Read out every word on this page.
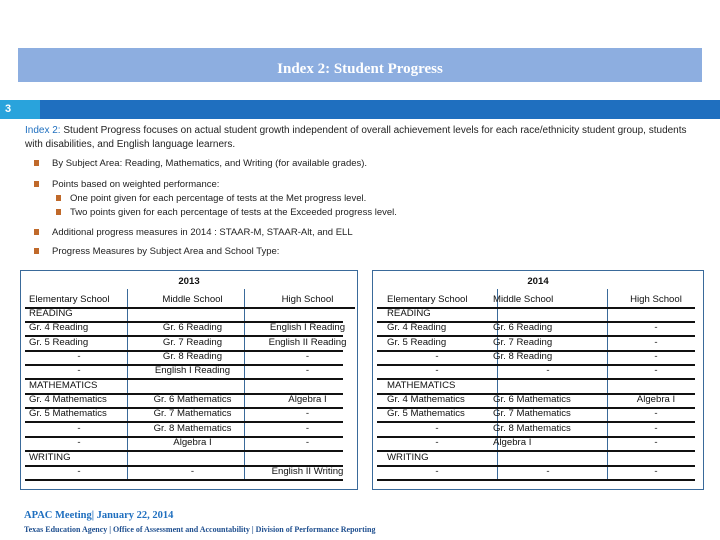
Index 2: Student Progress
3
Index 2: Student Progress focuses on actual student growth independent of overall achievement levels for each race/ethnicity student group, students with disabilities, and English language learners.
By Subject Area: Reading, Mathematics, and Writing (for available grades).
Points based on weighted performance:
One point given for each percentage of tests at the Met progress level.
Two points given for each percentage of tests at the Exceeded progress level.
Additional progress measures in 2014 : STAAR-M, STAAR-Alt, and ELL
Progress Measures by Subject Area and School Type:
2013
Elementary School	Middle School	High School
READING
Gr. 4 Reading	Gr. 6 Reading	English I Reading
Gr. 5 Reading	Gr. 7 Reading	English II Reading
-	Gr. 8 Reading	-
-	English I Reading	-
MATHEMATICS
Gr. 4 Mathematics	Gr. 6 Mathematics	Algebra I
Gr. 5 Mathematics	Gr. 7 Mathematics	-
-	Gr. 8 Mathematics	-
-	Algebra I	-
WRITING
-	-	English II Writing
2014
Elementary School	Middle School	High School
READING
Gr. 4 Reading	Gr. 6 Reading	-
Gr. 5 Reading	Gr. 7 Reading	-
-	Gr. 8 Reading	-
-	-	-
MATHEMATICS
Gr. 4 Mathematics	Gr. 6 Mathematics	Algebra I
Gr. 5 Mathematics	Gr. 7 Mathematics	-
-	Gr. 8 Mathematics	-
-	Algebra I	-
WRITING
-	-	-
APAC Meeting| January 22, 2014
Texas Education Agency | Office of Assessment and Accountability | Division of Performance Reporting
